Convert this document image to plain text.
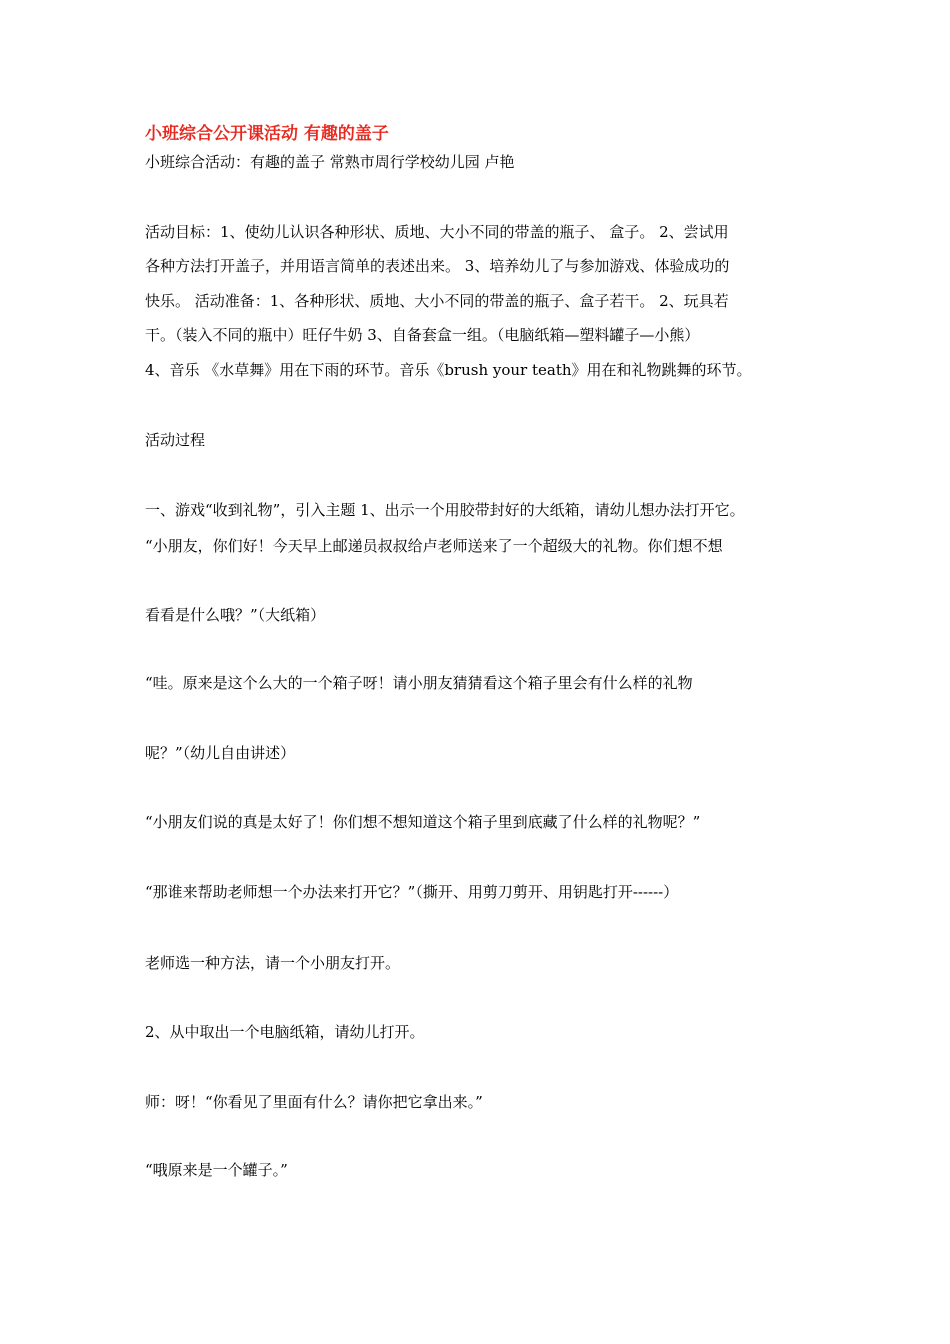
小班综合公开课活动 有趣的盖子
小班综合活动：有趣的盖子 常熟市周行学校幼儿园 卢艳
活动目标：1、使幼儿认识各种形状、质地、大小不同的带盖的瓶子、 盒子。 2、尝试用
各种方法打开盖子，并用语言简单的表述出来。 3、培养幼儿了与参加游戏、体验成功的
快乐。 活动准备：1、各种形状、质地、大小不同的带盖的瓶子、盒子若干。 2、玩具若
干。（装入不同的瓶中）旺仔牛奶 3、自备套盒一组。（电脑纸箱—塑料罐子—小熊）
4、音乐 《水草舞》用在下雨的环节。音乐《brush your teath》用在和礼物跳舞的环节。
活动过程
一、游戏“收到礼物”，引入主题 1、出示一个用胶带封好的大纸箱，请幼儿想办法打开它。
“小朋友，你们好！今天早上邮递员叔叔给卢老师送来了一个超级大的礼物。你们想不想
看看是什么哦？”（大纸箱）
“哇。原来是这个么大的一个箱子呀！请小朋友猜猜看这个箱子里会有什么样的礼物
呢？”（幼儿自由讲述）
“小朋友们说的真是太好了！你们想不想知道这个箱子里到底藏了什么样的礼物呢？”
“那谁来帮助老师想一个办法来打开它？”（撕开、用剪刀剪开、用钥匙打开------）
老师选一种方法，请一个小朋友打开。
2、从中取出一个电脑纸箱，请幼儿打开。
师：呀！“你看见了里面有什么？请你把它拿出来。”
“哦原来是一个罐子。”
